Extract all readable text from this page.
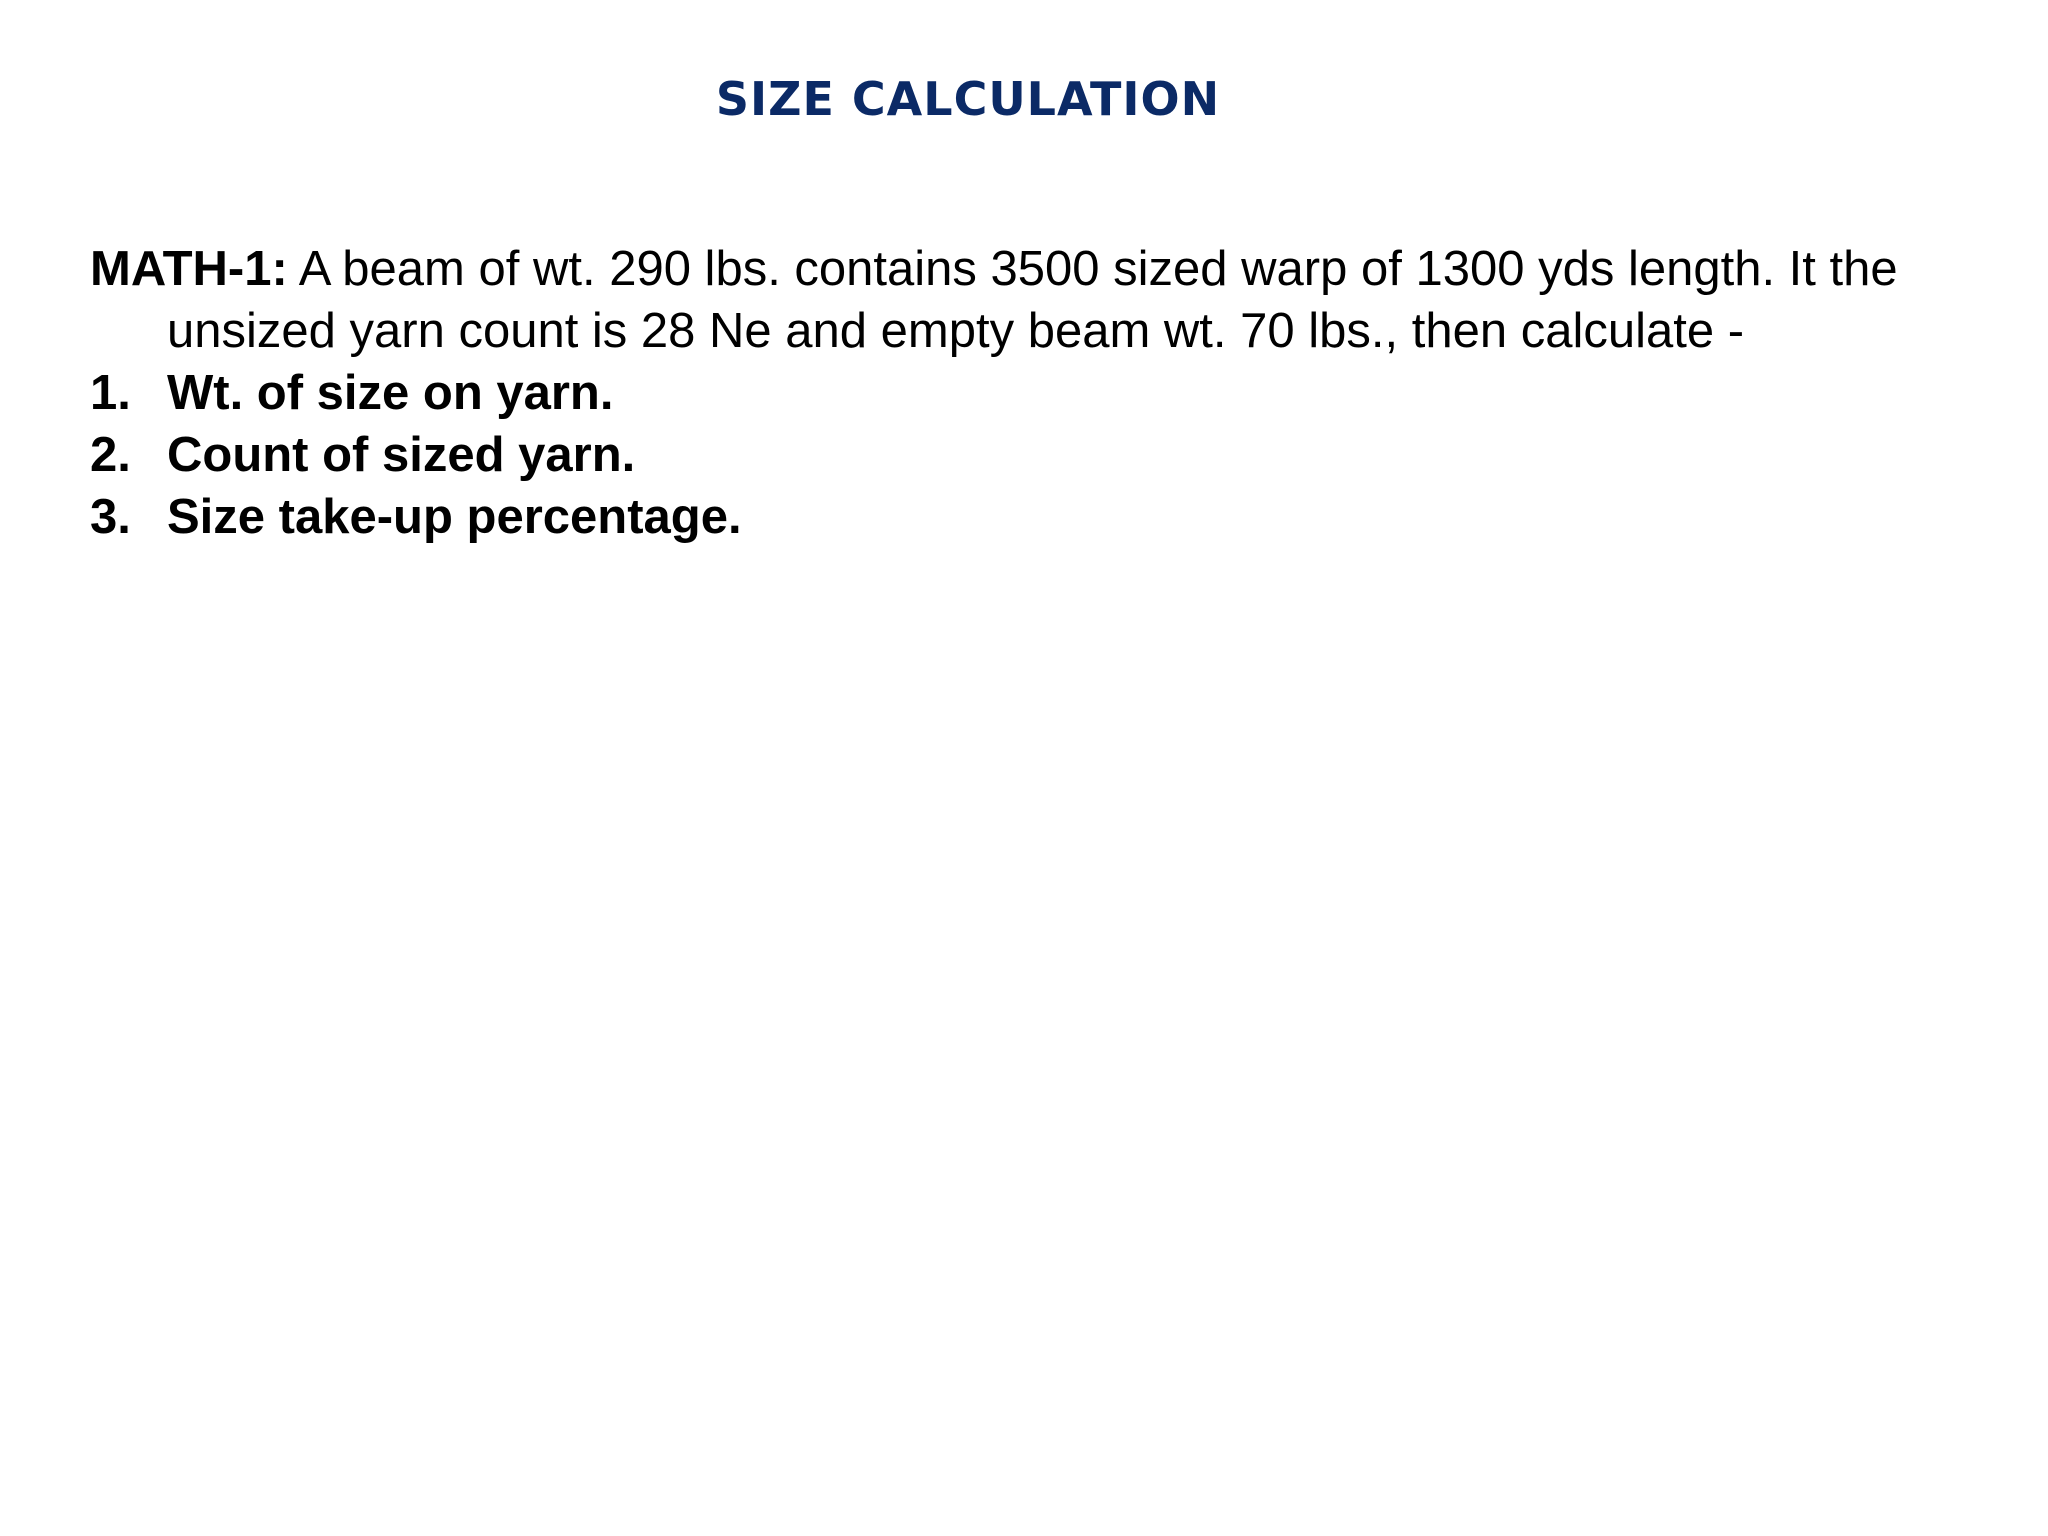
SIZE CALCULATION

MATH-1: A beam of wt. 290 lbs. contains 3500 sized warp of 1300 yds length. It the unsized yarn count is 28 Ne and empty beam wt. 70 lbs., then calculate -

1. Wt. of size on yarn.
2. Count of sized yarn.
3. Size take-up percentage.
